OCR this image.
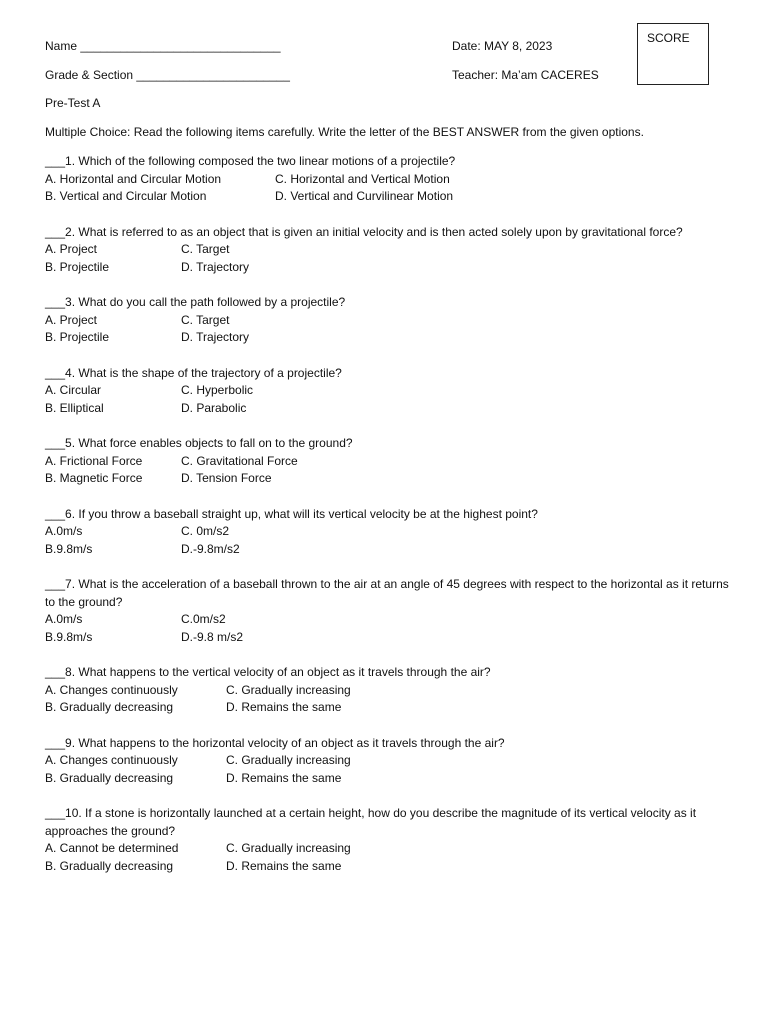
Name ______________________________	Date: MAY 8, 2023
Grade & Section _______________________	Teacher: Ma’am CACERES
SCORE
Pre-Test A
Multiple Choice: Read the following items carefully. Write the letter of the BEST ANSWER from the given options.
___1. Which of the following composed the two linear motions of a projectile?
A. Horizontal and Circular Motion	C. Horizontal and Vertical Motion
B. Vertical and Circular Motion	D. Vertical and Curvilinear Motion
___2. What is referred to as an object that is given an initial velocity and is then acted solely upon by gravitational force?
A. Project	C. Target
B. Projectile	D. Trajectory
___3. What do you call the path followed by a projectile?
A. Project	C. Target
B. Projectile	D. Trajectory
___4. What is the shape of the trajectory of a projectile?
A. Circular	C. Hyperbolic
B. Elliptical	D. Parabolic
___5. What force enables objects to fall on to the ground?
A. Frictional Force	C. Gravitational Force
B. Magnetic Force	D. Tension Force
___6. If you throw a baseball straight up, what will its vertical velocity be at the highest point?
A.0m/s	C. 0m/s2
B.9.8m/s	D.-9.8m/s2
___7. What is the acceleration of a baseball thrown to the air at an angle of 45 degrees with respect to the horizontal as it returns to the ground?
A.0m/s	C.0m/s2
B.9.8m/s	D.-9.8 m/s2
___8. What happens to the vertical velocity of an object as it travels through the air?
A. Changes continuously	C. Gradually increasing
B. Gradually decreasing	D. Remains the same
___9. What happens to the horizontal velocity of an object as it travels through the air?
A. Changes continuously	C. Gradually increasing
B. Gradually decreasing	D. Remains the same
___10. If a stone is horizontally launched at a certain height, how do you describe the magnitude of its vertical velocity as it approaches the ground?
A. Cannot be determined	C. Gradually increasing
B. Gradually decreasing	D. Remains the same
